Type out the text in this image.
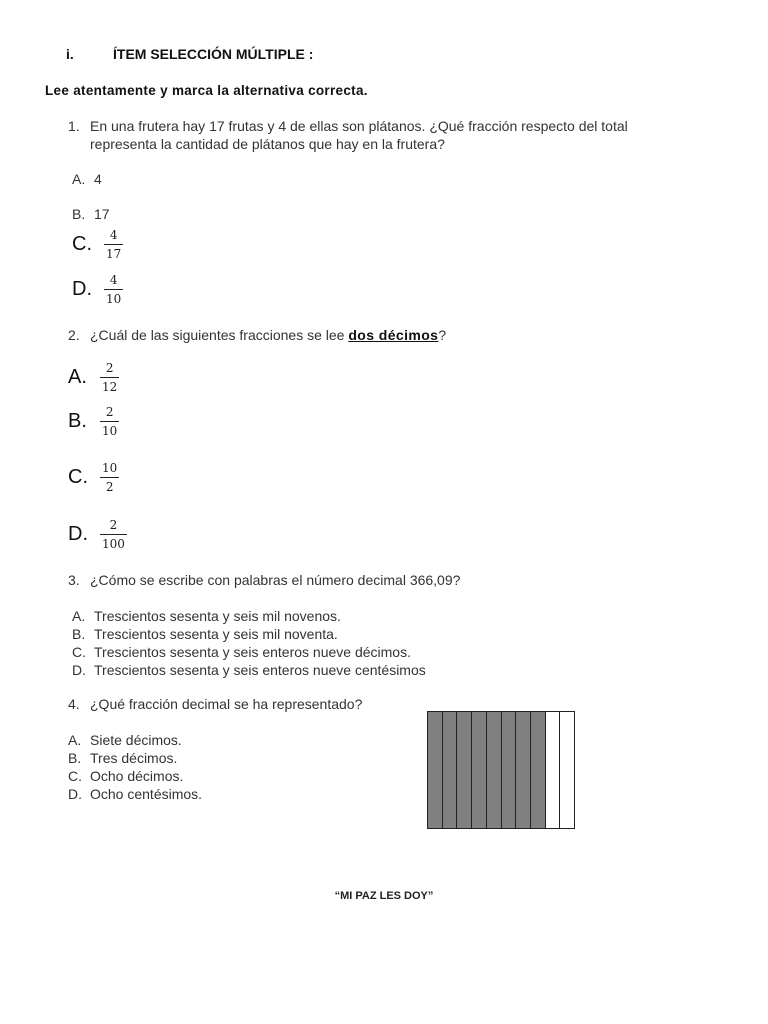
i.	ÍTEM SELECCIÓN MÚLTIPLE :
Lee atentamente y marca la alternativa correcta.
1. En una frutera hay 17 frutas y 4 de ellas son plátanos. ¿Qué fracción respecto del total
representa la cantidad de plátanos que hay en la frutera?
A. 4
B. 17
C.	$\frac{4}{17}$
D.	$\frac{4}{10}$
2. ¿Cuál de las siguientes fracciones se lee dos décimos?
A.	$\frac{2}{12}$
B.	$\frac{2}{10}$
C.	$\frac{10}{2}$
D.	$\frac{2}{100}$
3. ¿Cómo se escribe con palabras el número decimal 366,09?
A. Trescientos sesenta y seis mil novenos.
B. Trescientos sesenta y seis mil noventa.
C. Trescientos sesenta y seis enteros nueve décimos.
D. Trescientos sesenta y seis enteros nueve centésimos
4. ¿Qué fracción decimal se ha representado?
A. Siete décimos.
B. Tres décimos.
C. Ocho décimos.
D. Ocho centésimos.
“MI PAZ LES DOY”
